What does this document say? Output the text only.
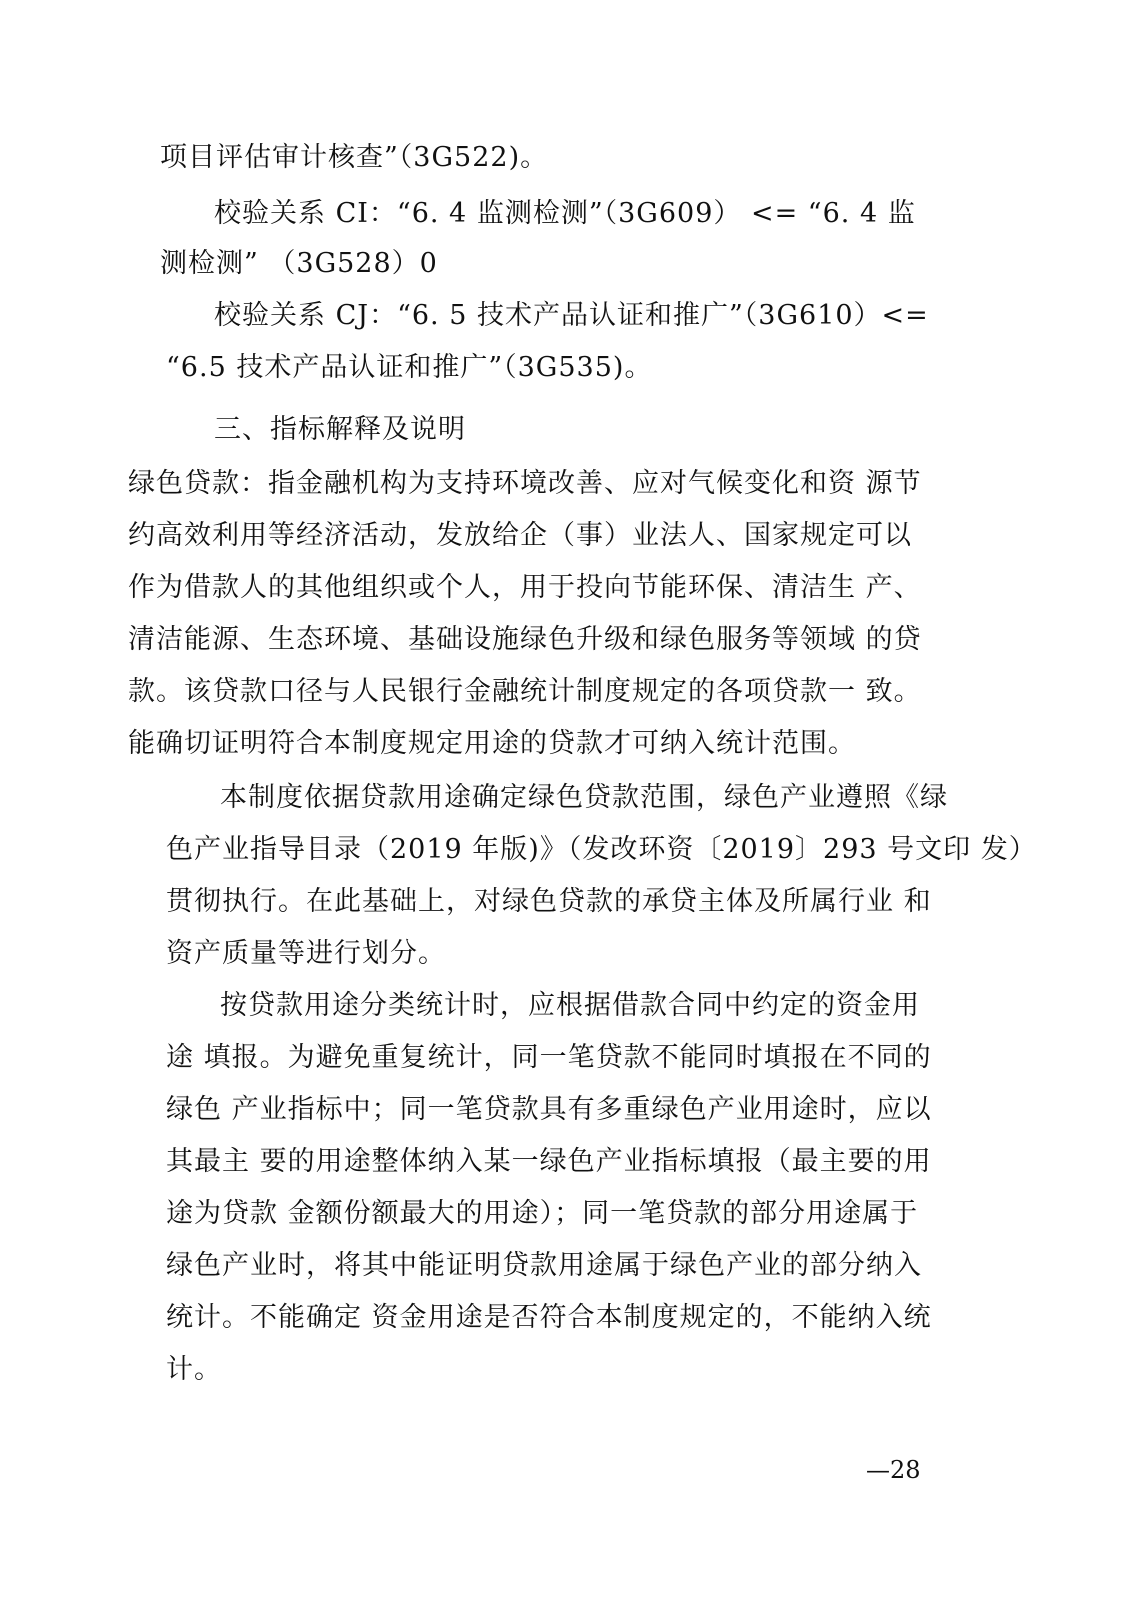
项目评估审计核查”（3G522)。
校验关系 CI：“6. 4 监测检测”（3G609） <= “6. 4 监
测检测” （3G528）0
校验关系 CJ：“6. 5 技术产品认证和推广”（3G610）<=
“6.5 技术产品认证和推广”（3G535)。
三、指标解释及说明
绿色贷款：指金融机构为支持环境改善、应对气候变化和资 源节
约高效利用等经济活动，发放给企（事）业法人、国家规定可以
作为借款人的其他组织或个人，用于投向节能环保、清洁生 产、
清洁能源、生态环境、基础设施绿色升级和绿色服务等领域 的贷
款。该贷款口径与人民银行金融统计制度规定的各项贷款一 致。
能确切证明符合本制度规定用途的贷款才可纳入统计范围。
本制度依据贷款用途确定绿色贷款范围，绿色产业遵照《绿
色产业指导目录（2019 年版)》（发改环资〔2019〕293 号文印 发）
贯彻执行。在此基础上，对绿色贷款的承贷主体及所属行业 和
资产质量等进行划分。
按贷款用途分类统计时，应根据借款合同中约定的资金用
途 填报。为避免重复统计，同一笔贷款不能同时填报在不同的
绿色 产业指标中；同一笔贷款具有多重绿色产业用途时，应以
其最主 要的用途整体纳入某一绿色产业指标填报（最主要的用
途为贷款 金额份额最大的用途）；同一笔贷款的部分用途属于
绿色产业时，将其中能证明贷款用途属于绿色产业的部分纳入
统计。不能确定 资金用途是否符合本制度规定的，不能纳入统
计。
—28
